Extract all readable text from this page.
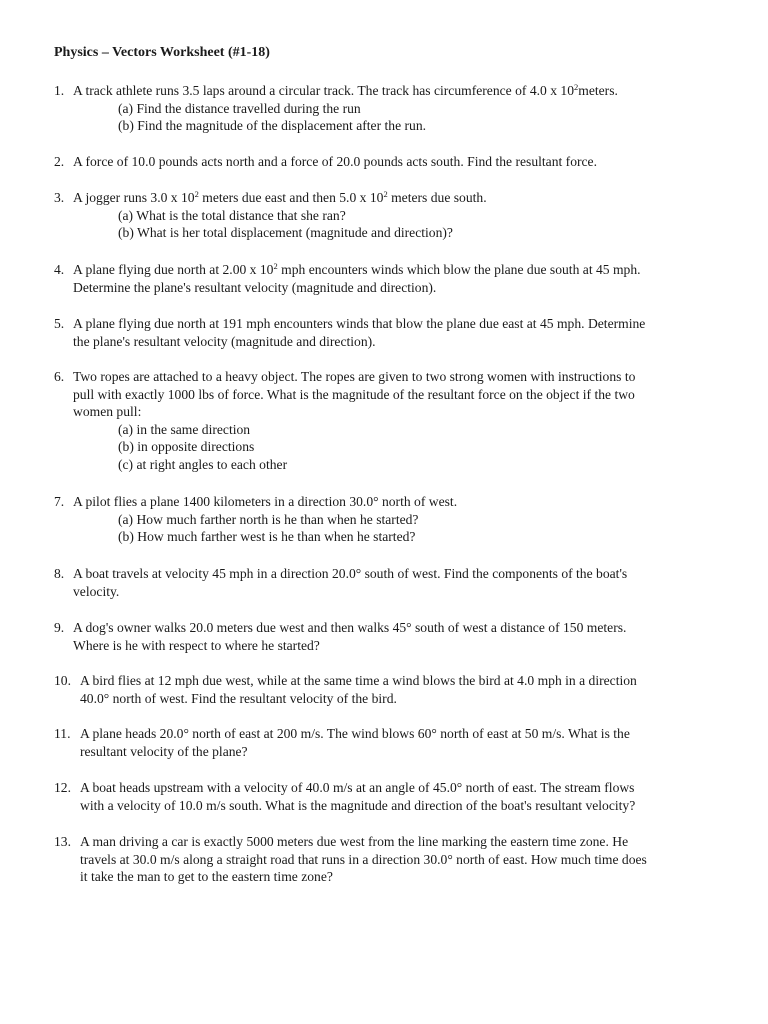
Physics – Vectors Worksheet (#1-18)
1. A track athlete runs 3.5 laps around a circular track. The track has circumference of 4.0 x $10^2meters$.
(a) Find the distance travelled during the run
(b) Find the magnitude of the displacement after the run.
2. A force of 10.0 pounds acts north and a force of 20.0 pounds acts south. Find the resultant force.
3. A jogger runs 3.0 x $10^2$ meters due east and then 5.0 x $10^2$ meters due south.
(a) What is the total distance that she ran?
(b) What is her total displacement (magnitude and direction)?
4. A plane flying due north at 2.00 x $10^2$ mph encounters winds which blow the plane due south at 45 mph.
Determine the plane's resultant velocity (magnitude and direction).
5. A plane flying due north at 191 mph encounters winds that blow the plane due east at 45 mph. Determine
the plane's resultant velocity (magnitude and direction).
6. Two ropes are attached to a heavy object. The ropes are given to two strong women with instructions to
pull with exactly 1000 lbs of force. What is the magnitude of the resultant force on the object if the two
women pull:
(a) in the same direction
(b) in opposite directions
(c) at right angles to each other
7. A pilot flies a plane 1400 kilometers in a direction 30.0° north of west.
(a) How much farther north is he than when he started?
(b) How much farther west is he than when he started?
8. A boat travels at velocity 45 mph in a direction 20.0° south of west. Find the components of the boat's
velocity.
9. A dog's owner walks 20.0 meters due west and then walks 45° south of west a distance of 150 meters.
Where is he with respect to where he started?
10. A bird flies at 12 mph due west, while at the same time a wind blows the bird at 4.0 mph in a direction
40.0° north of west. Find the resultant velocity of the bird.
11. A plane heads 20.0° north of east at 200 m/s. The wind blows 60° north of east at 50 m/s. What is the
resultant velocity of the plane?
12. A boat heads upstream with a velocity of 40.0 m/s at an angle of 45.0° north of east. The stream flows
with a velocity of 10.0 m/s south. What is the magnitude and direction of the boat's resultant velocity?
13. A man driving a car is exactly 5000 meters due west from the line marking the eastern time zone. He
travels at 30.0 m/s along a straight road that runs in a direction 30.0° north of east. How much time does
it take the man to get to the eastern time zone?
